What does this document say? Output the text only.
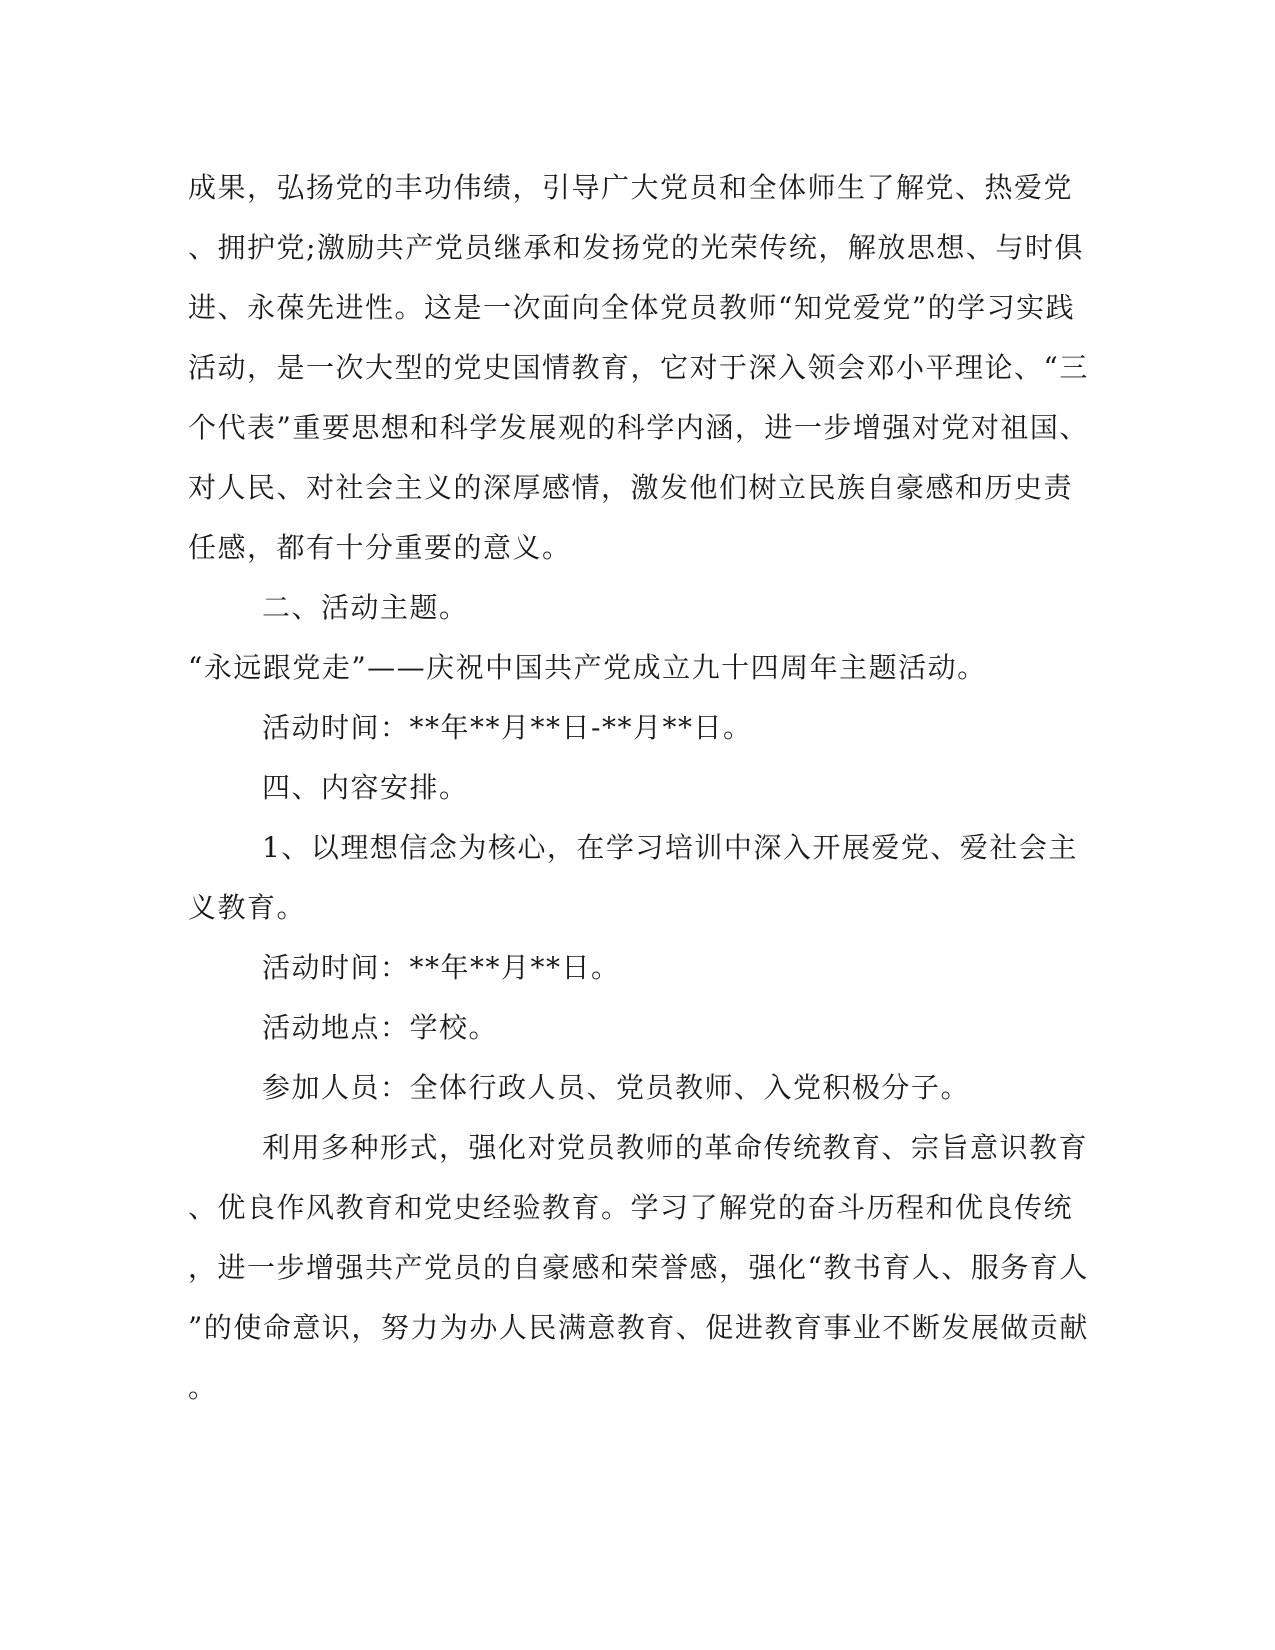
成果，弘扬党的丰功伟绩，引导广大党员和全体师生了解党、热爱党
、拥护党;激励共产党员继承和发扬党的光荣传统，解放思想、与时俱
进、永葆先进性。这是一次面向全体党员教师“知党爱党”的学习实践
活动，是一次大型的党史国情教育，它对于深入领会邓小平理论、“三
个代表”重要思想和科学发展观的科学内涵，进一步增强对党对祖国、
对人民、对社会主义的深厚感情，激发他们树立民族自豪感和历史责
任感，都有十分重要的意义。
二、活动主题。
“永远跟党走”——庆祝中国共产党成立九十四周年主题活动。
活动时间：**年**月**日-**月**日。
四、内容安排。
1、以理想信念为核心，在学习培训中深入开展爱党、爱社会主
义教育。
活动时间：**年**月**日。
活动地点：学校。
参加人员：全体行政人员、党员教师、入党积极分子。
利用多种形式，强化对党员教师的革命传统教育、宗旨意识教育
、优良作风教育和党史经验教育。学习了解党的奋斗历程和优良传统
，进一步增强共产党员的自豪感和荣誉感，强化“教书育人、服务育人
”的使命意识，努力为办人民满意教育、促进教育事业不断发展做贡献
。
